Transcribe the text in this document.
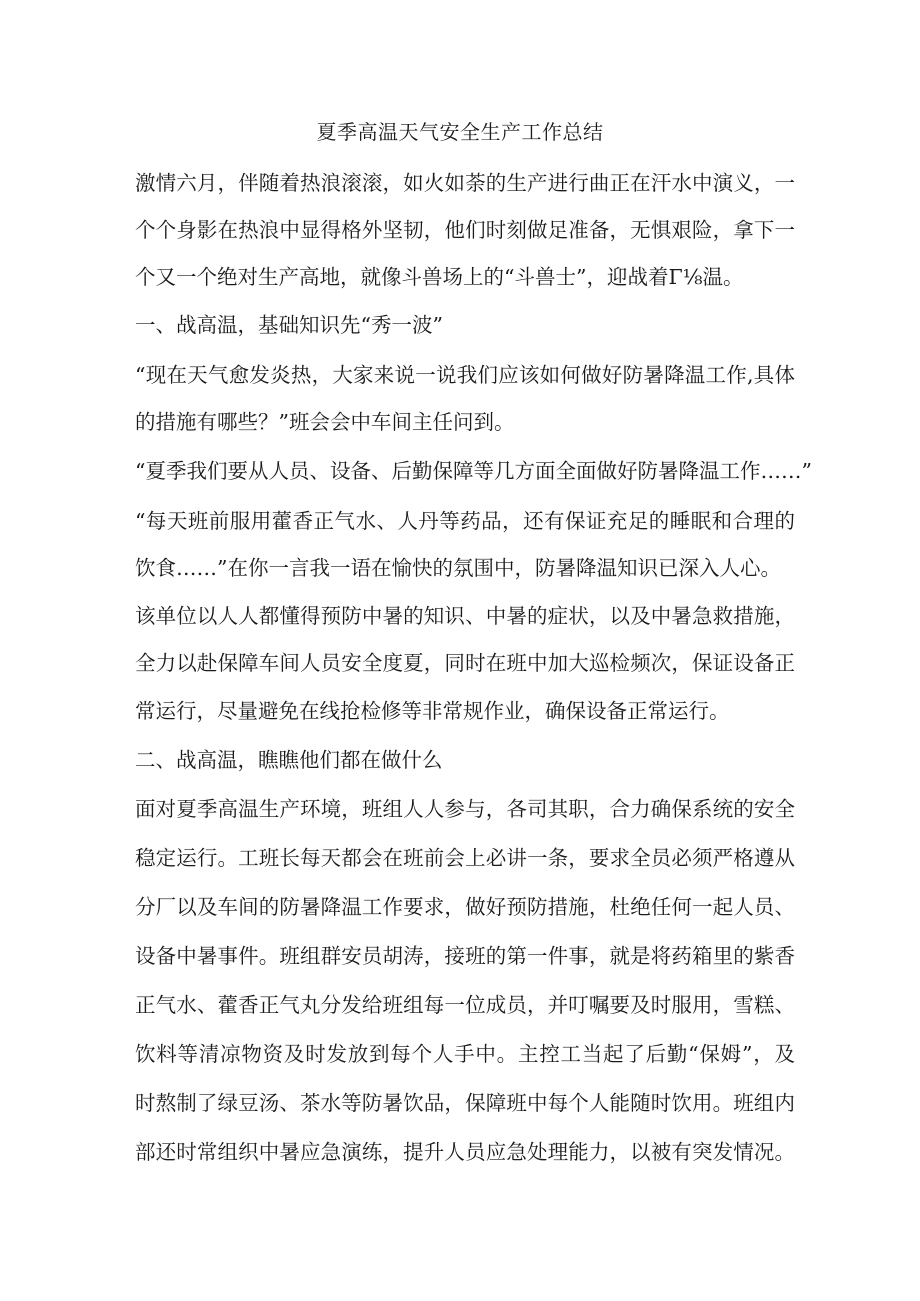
夏季高温天气安全生产工作总结

激情六月，伴随着热浪滚滚，如火如荼的生产进行曲正在汗水中演义，一

个个身影在热浪中显得格外坚韧，他们时刻做足准备，无惧艰险，拿下一

个又一个绝对生产高地，就像斗兽场上的“斗兽士”，迎战着Γ⅛温。

一、战高温，基础知识先“秀一波”

“现在天气愈发炎热，大家来说一说我们应该如何做好防暑降温工作,具体

的措施有哪些？”班会会中车间主任问到。

“夏季我们要从人员、设备、后勤保障等几方面全面做好防暑降温工作……”

“每天班前服用藿香正气水、人丹等药品，还有保证充足的睡眠和合理的

饮食……”在你一言我一语在愉快的氛围中，防暑降温知识已深入人心。

该单位以人人都懂得预防中暑的知识、中暑的症状，以及中暑急救措施，

全力以赴保障车间人员安全度夏，同时在班中加大巡检频次，保证设备正

常运行，尽量避免在线抢检修等非常规作业，确保设备正常运行。

二、战高温，瞧瞧他们都在做什么

面对夏季高温生产环境，班组人人参与，各司其职，合力确保系统的安全

稳定运行。工班长每天都会在班前会上必讲一条，要求全员必须严格遵从

分厂以及车间的防暑降温工作要求，做好预防措施，杜绝任何一起人员、

设备中暑事件。班组群安员胡涛，接班的第一件事，就是将药箱里的紫香

正气水、藿香正气丸分发给班组每一位成员，并叮嘱要及时服用，雪糕、

饮料等清凉物资及时发放到每个人手中。主控工当起了后勤“保姆”，及

时熬制了绿豆汤、茶水等防暑饮品，保障班中每个人能随时饮用。班组内

部还时常组织中暑应急演练，提升人员应急处理能力，以被有突发情况。
